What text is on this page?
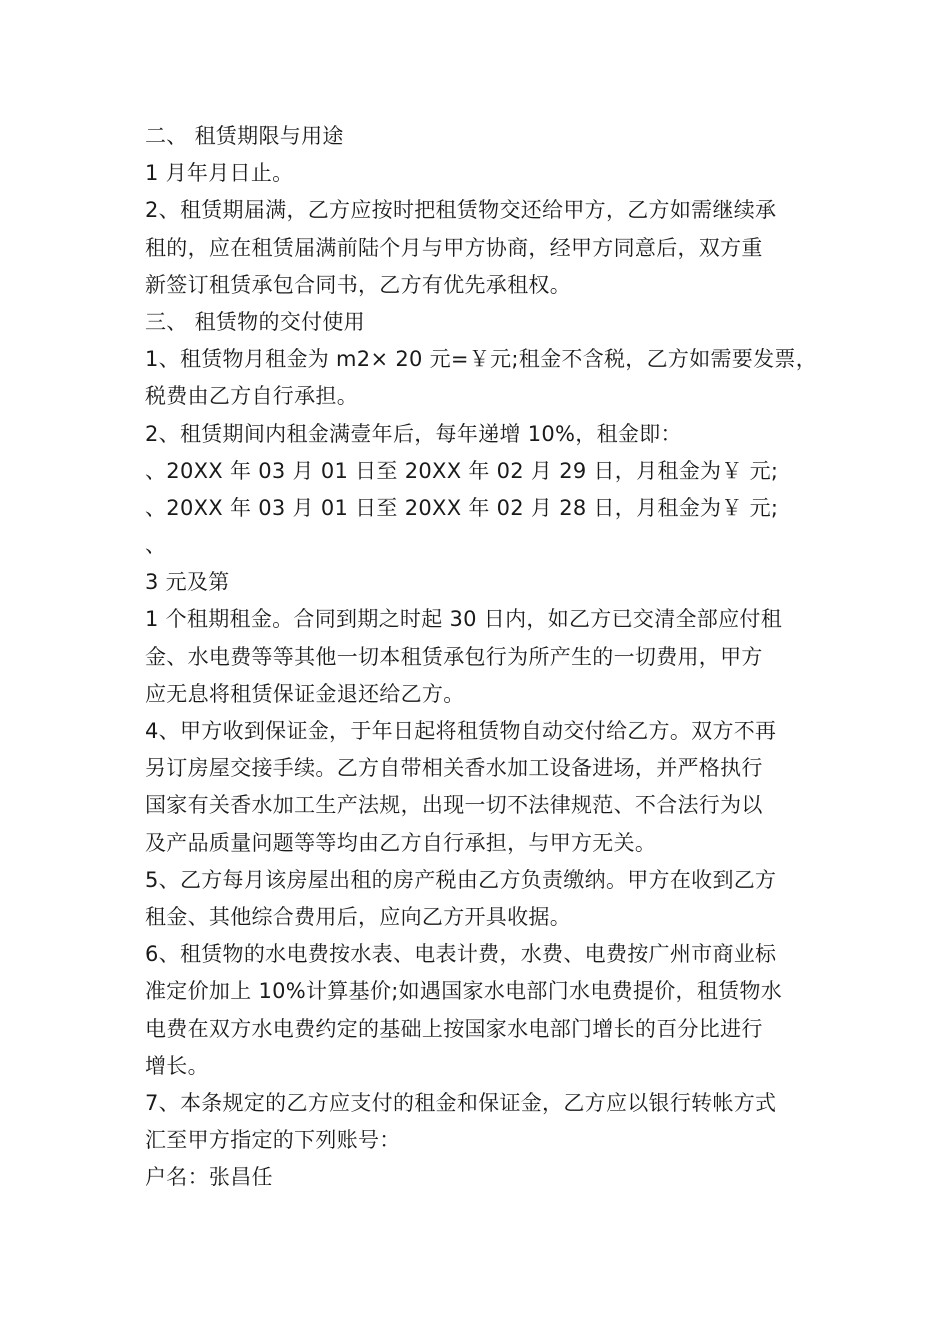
二、 租赁期限与用途
1 月年月日止。
2、租赁期届满，乙方应按时把租赁物交还给甲方，乙方如需继续承
租的，应在租赁届满前陆个月与甲方协商，经甲方同意后，双方重
新签订租赁承包合同书，乙方有优先承租权。
三、 租赁物的交付使用
1、租赁物月租金为 m2× 20 元=￥元;租金不含税，乙方如需要发票，
税费由乙方自行承担。
2、租赁期间内租金满壹年后，每年递增 10%，租金即：
、20XX 年 03 月 01 日至 20XX 年 02 月 29 日，月租金为￥ 元;
、20XX 年 03 月 01 日至 20XX 年 02 月 28 日，月租金为￥ 元;
、
3 元及第
1 个租期租金。合同到期之时起 30 日内，如乙方已交清全部应付租
金、水电费等等其他一切本租赁承包行为所产生的一切费用，甲方
应无息将租赁保证金退还给乙方。
4、甲方收到保证金，于年日起将租赁物自动交付给乙方。双方不再
另订房屋交接手续。乙方自带相关香水加工设备进场，并严格执行
国家有关香水加工生产法规，出现一切不法律规范、不合法行为以
及产品质量问题等等均由乙方自行承担，与甲方无关。
5、乙方每月该房屋出租的房产税由乙方负责缴纳。甲方在收到乙方
租金、其他综合费用后，应向乙方开具收据。
6、租赁物的水电费按水表、电表计费，水费、电费按广州市商业标
准定价加上 10%计算基价;如遇国家水电部门水电费提价，租赁物水
电费在双方水电费约定的基础上按国家水电部门增长的百分比进行
增长。
7、本条规定的乙方应支付的租金和保证金，乙方应以银行转帐方式
汇至甲方指定的下列账号：
户名：张昌任
